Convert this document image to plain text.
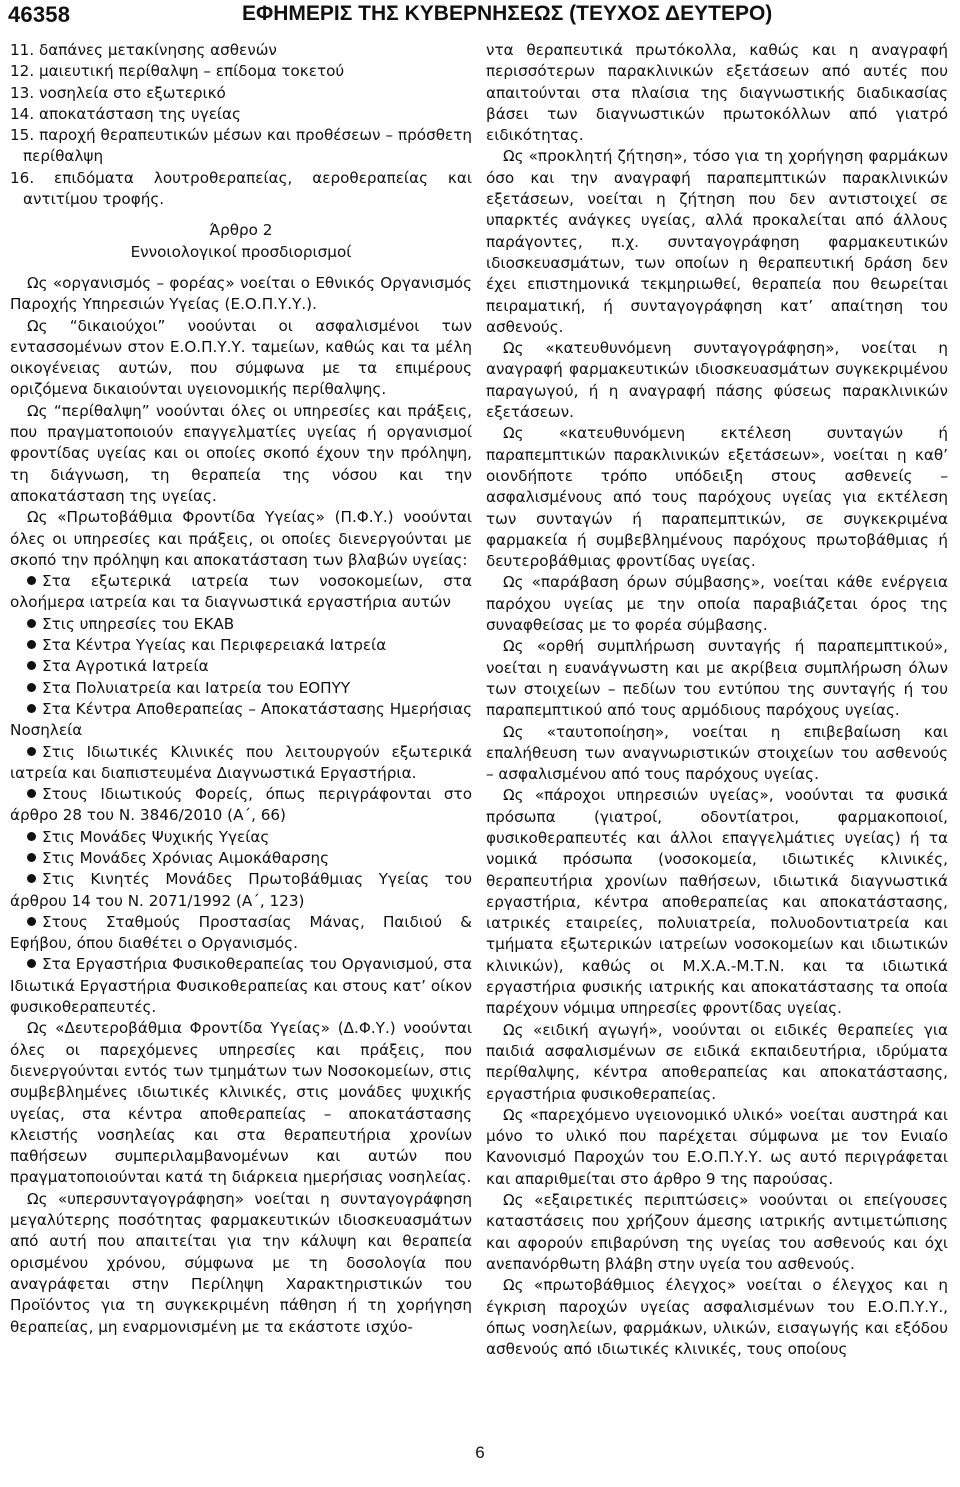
46358	ΕΦΗΜΕΡΙΣ ΤΗΣ ΚΥΒΕΡΝΗΣΕΩΣ (ΤΕΥΧΟΣ ΔΕΥΤΕΡΟ)

11. δαπάνες μετακίνησης ασθενών

12. μαιευτική περίθαλψη – επίδομα τοκετού

13. νοσηλεία στο εξωτερικό

14. αποκατάσταση της υγείας

15. παροχή θεραπευτικών μέσων και προθέσεων – πρόσθετη περίθαλψη

16. επιδόματα λουτροθεραπείας, αεροθεραπείας και αντιτίμου τροφής.

Άρθρο 2

Εννοιολογικοί προσδιορισμοί

Ως «οργανισμός – φορέας» νοείται ο Εθνικός Οργανισμός Παροχής Υπηρεσιών Υγείας (Ε.Ο.Π.Υ.Υ.).

Ως “δικαιούχοι” νοούνται οι ασφαλισμένοι των εντασσομένων στον Ε.Ο.Π.Υ.Υ. ταμείων, καθώς και τα μέλη οικογένειας αυτών, που σύμφωνα με τα επιμέρους οριζόμενα δικαιούνται υγειονομικής περίθαλψης.

Ως “περίθαλψη” νοούνται όλες οι υπηρεσίες και πράξεις, που πραγματοποιούν επαγγελματίες υγείας ή οργανισμοί φροντίδας υγείας και οι οποίες σκοπό έχουν την πρόληψη, τη διάγνωση, τη θεραπεία της νόσου και την αποκατάσταση της υγείας.

Ως «Πρωτοβάθμια Φροντίδα Υγείας» (Π.Φ.Υ.) νοούνται όλες οι υπηρεσίες και πράξεις, οι οποίες διενεργούνται με σκοπό την πρόληψη και αποκατάσταση των βλαβών υγείας:

Στα εξωτερικά ιατρεία των νοσοκομείων, στα ολοήμερα ιατρεία και τα διαγνωστικά εργαστήρια αυτών

Στις υπηρεσίες του ΕΚΑΒ

Στα Κέντρα Υγείας και Περιφερειακά Ιατρεία

Στα Αγροτικά Ιατρεία

Στα Πολυιατρεία και Ιατρεία του ΕΟΠΥΥ

Στα Κέντρα Αποθεραπείας – Αποκατάστασης Ημερήσιας Νοσηλεία

Στις Ιδιωτικές Κλινικές που λειτουργούν εξωτερικά ιατρεία και διαπιστευμένα Διαγνωστικά Εργαστήρια.

Στους Ιδιωτικούς Φορείς, όπως περιγράφονται στο άρθρο 28 του Ν. 3846/2010 (Α΄, 66)

Στις Μονάδες Ψυχικής Υγείας

Στις Μονάδες Χρόνιας Αιμοκάθαρσης

Στις Κινητές Μονάδες Πρωτοβάθμιας Υγείας του άρθρου 14 του Ν. 2071/1992 (Α΄, 123)

Στους Σταθμούς Προστασίας Μάνας, Παιδιού & Εφήβου, όπου διαθέτει ο Οργανισμός.

Στα Εργαστήρια Φυσικοθεραπείας του Οργανισμού, στα Ιδιωτικά Εργαστήρια Φυσικοθεραπείας και στους κατ’ οίκον φυσικοθεραπευτές.

Ως «Δευτεροβάθμια Φροντίδα Υγείας» (Δ.Φ.Υ.) νοούνται όλες οι παρεχόμενες υπηρεσίες και πράξεις, που διενεργούνται εντός των τμημάτων των Νοσοκομείων, στις συμβεβλημένες ιδιωτικές κλινικές, στις μονάδες ψυχικής υγείας, στα κέντρα αποθεραπείας – αποκατάστασης κλειστής νοσηλείας και στα θεραπευτήρια χρονίων παθήσεων συμπεριλαμβανομένων και αυτών που πραγματοποιούνται κατά τη διάρκεια ημερήσιας νοσηλείας.

Ως «υπερσυνταγογράφηση» νοείται η συνταγογράφηση μεγαλύτερης ποσότητας φαρμακευτικών ιδιοσκευασμάτων από αυτή που απαιτείται για την κάλυψη και θεραπεία ορισμένου χρόνου, σύμφωνα με τη δοσολογία που αναγράφεται στην Περίληψη Χαρακτηριστικών του Προϊόντος για τη συγκεκριμένη πάθηση ή τη χορήγηση θεραπείας, μη εναρμονισμένη με τα εκάστοτε ισχύο-

ντα θεραπευτικά πρωτόκολλα, καθώς και η αναγραφή περισσότερων παρακλινικών εξετάσεων από αυτές που απαιτούνται στα πλαίσια της διαγνωστικής διαδικασίας βάσει των διαγνωστικών πρωτοκόλλων από γιατρό ειδικότητας.

Ως «προκλητή ζήτηση», τόσο για τη χορήγηση φαρμάκων όσο και την αναγραφή παραπεμπτικών παρακλινικών εξετάσεων, νοείται η ζήτηση που δεν αντιστοιχεί σε υπαρκτές ανάγκες υγείας, αλλά προκαλείται από άλλους παράγοντες, π.χ. συνταγογράφηση φαρμακευτικών ιδιοσκευασμάτων, των οποίων η θεραπευτική δράση δεν έχει επιστημονικά τεκμηριωθεί, θεραπεία που θεωρείται πειραματική, ή συνταγογράφηση κατ’ απαίτηση του ασθενούς.

Ως «κατευθυνόμενη συνταγογράφηση», νοείται η αναγραφή φαρμακευτικών ιδιοσκευασμάτων συγκεκριμένου παραγωγού, ή η αναγραφή πάσης φύσεως παρακλινικών εξετάσεων.

Ως «κατευθυνόμενη εκτέλεση συνταγών ή παραπεμπτικών παρακλινικών εξετάσεων», νοείται η καθ’ οιονδήποτε τρόπο υπόδειξη στους ασθενείς – ασφαλισμένους από τους παρόχους υγείας για εκτέλεση των συνταγών ή παραπεμπτικών, σε συγκεκριμένα φαρμακεία ή συμβεβλημένους παρόχους πρωτοβάθμιας ή δευτεροβάθμιας φροντίδας υγείας.

Ως «παράβαση όρων σύμβασης», νοείται κάθε ενέργεια παρόχου υγείας με την οποία παραβιάζεται όρος της συναφθείσας με το φορέα σύμβασης.

Ως «ορθή συμπλήρωση συνταγής ή παραπεμπτικού», νοείται η ευανάγνωστη και με ακρίβεια συμπλήρωση όλων των στοιχείων – πεδίων του εντύπου της συνταγής ή του παραπεμπτικού από τους αρμόδιους παρόχους υγείας.

Ως «ταυτοποίηση», νοείται η επιβεβαίωση και επαλήθευση των αναγνωριστικών στοιχείων του ασθενούς – ασφαλισμένου από τους παρόχους υγείας.

Ως «πάροχοι υπηρεσιών υγείας», νοούνται τα φυσικά πρόσωπα (γιατροί, οδοντίατροι, φαρμακοποιοί, φυσικοθεραπευτές και άλλοι επαγγελμάτιες υγείας) ή τα νομικά πρόσωπα (νοσοκομεία, ιδιωτικές κλινικές, θεραπευτήρια χρονίων παθήσεων, ιδιωτικά διαγνωστικά εργαστήρια, κέντρα αποθεραπείας και αποκατάστασης, ιατρικές εταιρείες, πολυιατρεία, πολυοδοντιατρεία και τμήματα εξωτερικών ιατρείων νοσοκομείων και ιδιωτικών κλινικών), καθώς οι Μ.Χ.Α.-Μ.Τ.Ν. και τα ιδιωτικά εργαστήρια φυσικής ιατρικής και αποκατάστασης τα οποία παρέχουν νόμιμα υπηρεσίες φροντίδας υγείας.

Ως «ειδική αγωγή», νοούνται οι ειδικές θεραπείες για παιδιά ασφαλισμένων σε ειδικά εκπαιδευτήρια, ιδρύματα περίθαλψης, κέντρα αποθεραπείας και αποκατάστασης, εργαστήρια φυσικοθεραπείας.

Ως «παρεχόμενο υγειονομικό υλικό» νοείται αυστηρά και μόνο το υλικό που παρέχεται σύμφωνα με τον Ενιαίο Κανονισμό Παροχών του Ε.Ο.Π.Υ.Υ. ως αυτό περιγράφεται και απαριθμείται στο άρθρο 9 της παρούσας.

Ως «εξαιρετικές περιπτώσεις» νοούνται οι επείγουσες καταστάσεις που χρήζουν άμεσης ιατρικής αντιμετώπισης και αφορούν επιβαρύνση της υγείας του ασθενούς και όχι ανεπανόρθωτη βλάβη στην υγεία του ασθενούς.

Ως «πρωτοβάθμιος έλεγχος» νοείται ο έλεγχος και η έγκριση παροχών υγείας ασφαλισμένων του Ε.Ο.Π.Υ.Υ., όπως νοσηλείων, φαρμάκων, υλικών, εισαγωγής και εξόδου ασθενούς από ιδιωτικές κλινικές, τους οποίους

6
